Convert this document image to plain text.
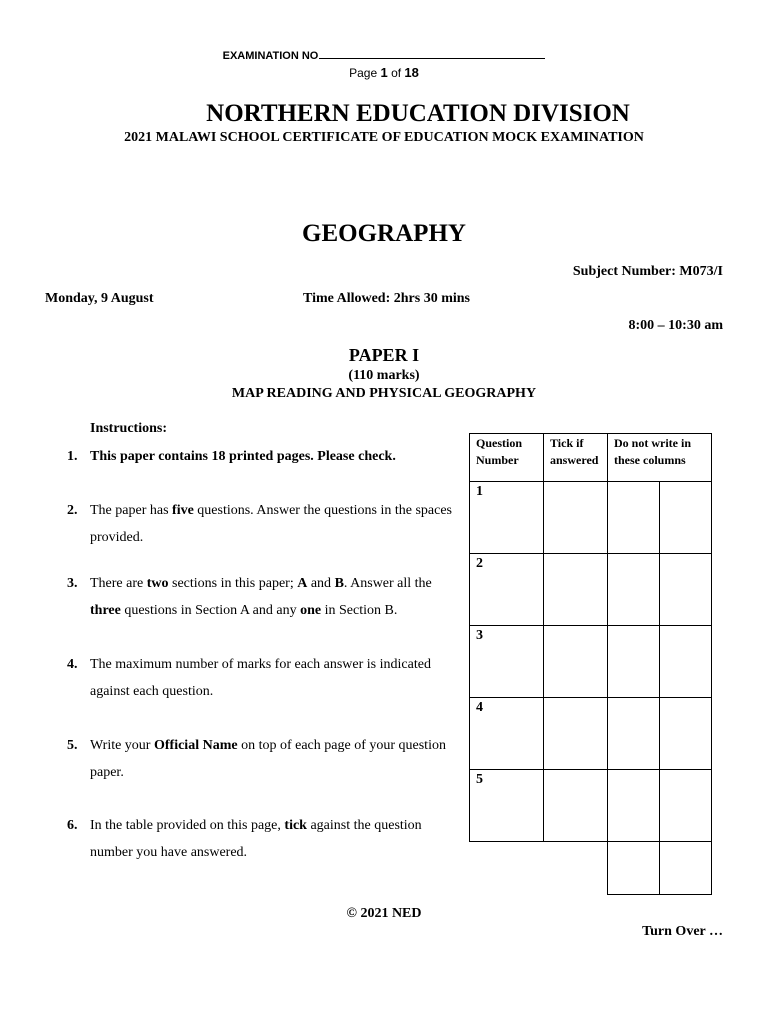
EXAMINATION NO
Page 1 of 18
NORTHERN EDUCATION DIVISION
2021 MALAWI SCHOOL CERTIFICATE OF EDUCATION MOCK EXAMINATION
GEOGRAPHY
Subject Number: M073/I
Monday, 9 August	Time Allowed: 2hrs 30 mins
8:00 – 10:30 am
PAPER I
(110 marks)
MAP READING AND PHYSICAL GEOGRAPHY
Instructions:
1. This paper contains 18 printed pages. Please check.
2. The paper has five questions. Answer the questions in the spaces provided.
3. There are two sections in this paper; A and B. Answer all the three questions in Section A and any one in Section B.
4. The maximum number of marks for each answer is indicated against each question.
5. Write your Official Name on top of each page of your question paper.
6. In the table provided on this page, tick against the question number you have answered.
Question Number
Tick if answered
Do not write in these columns
1
2
3
4
5
© 2021 NED
Turn Over …
